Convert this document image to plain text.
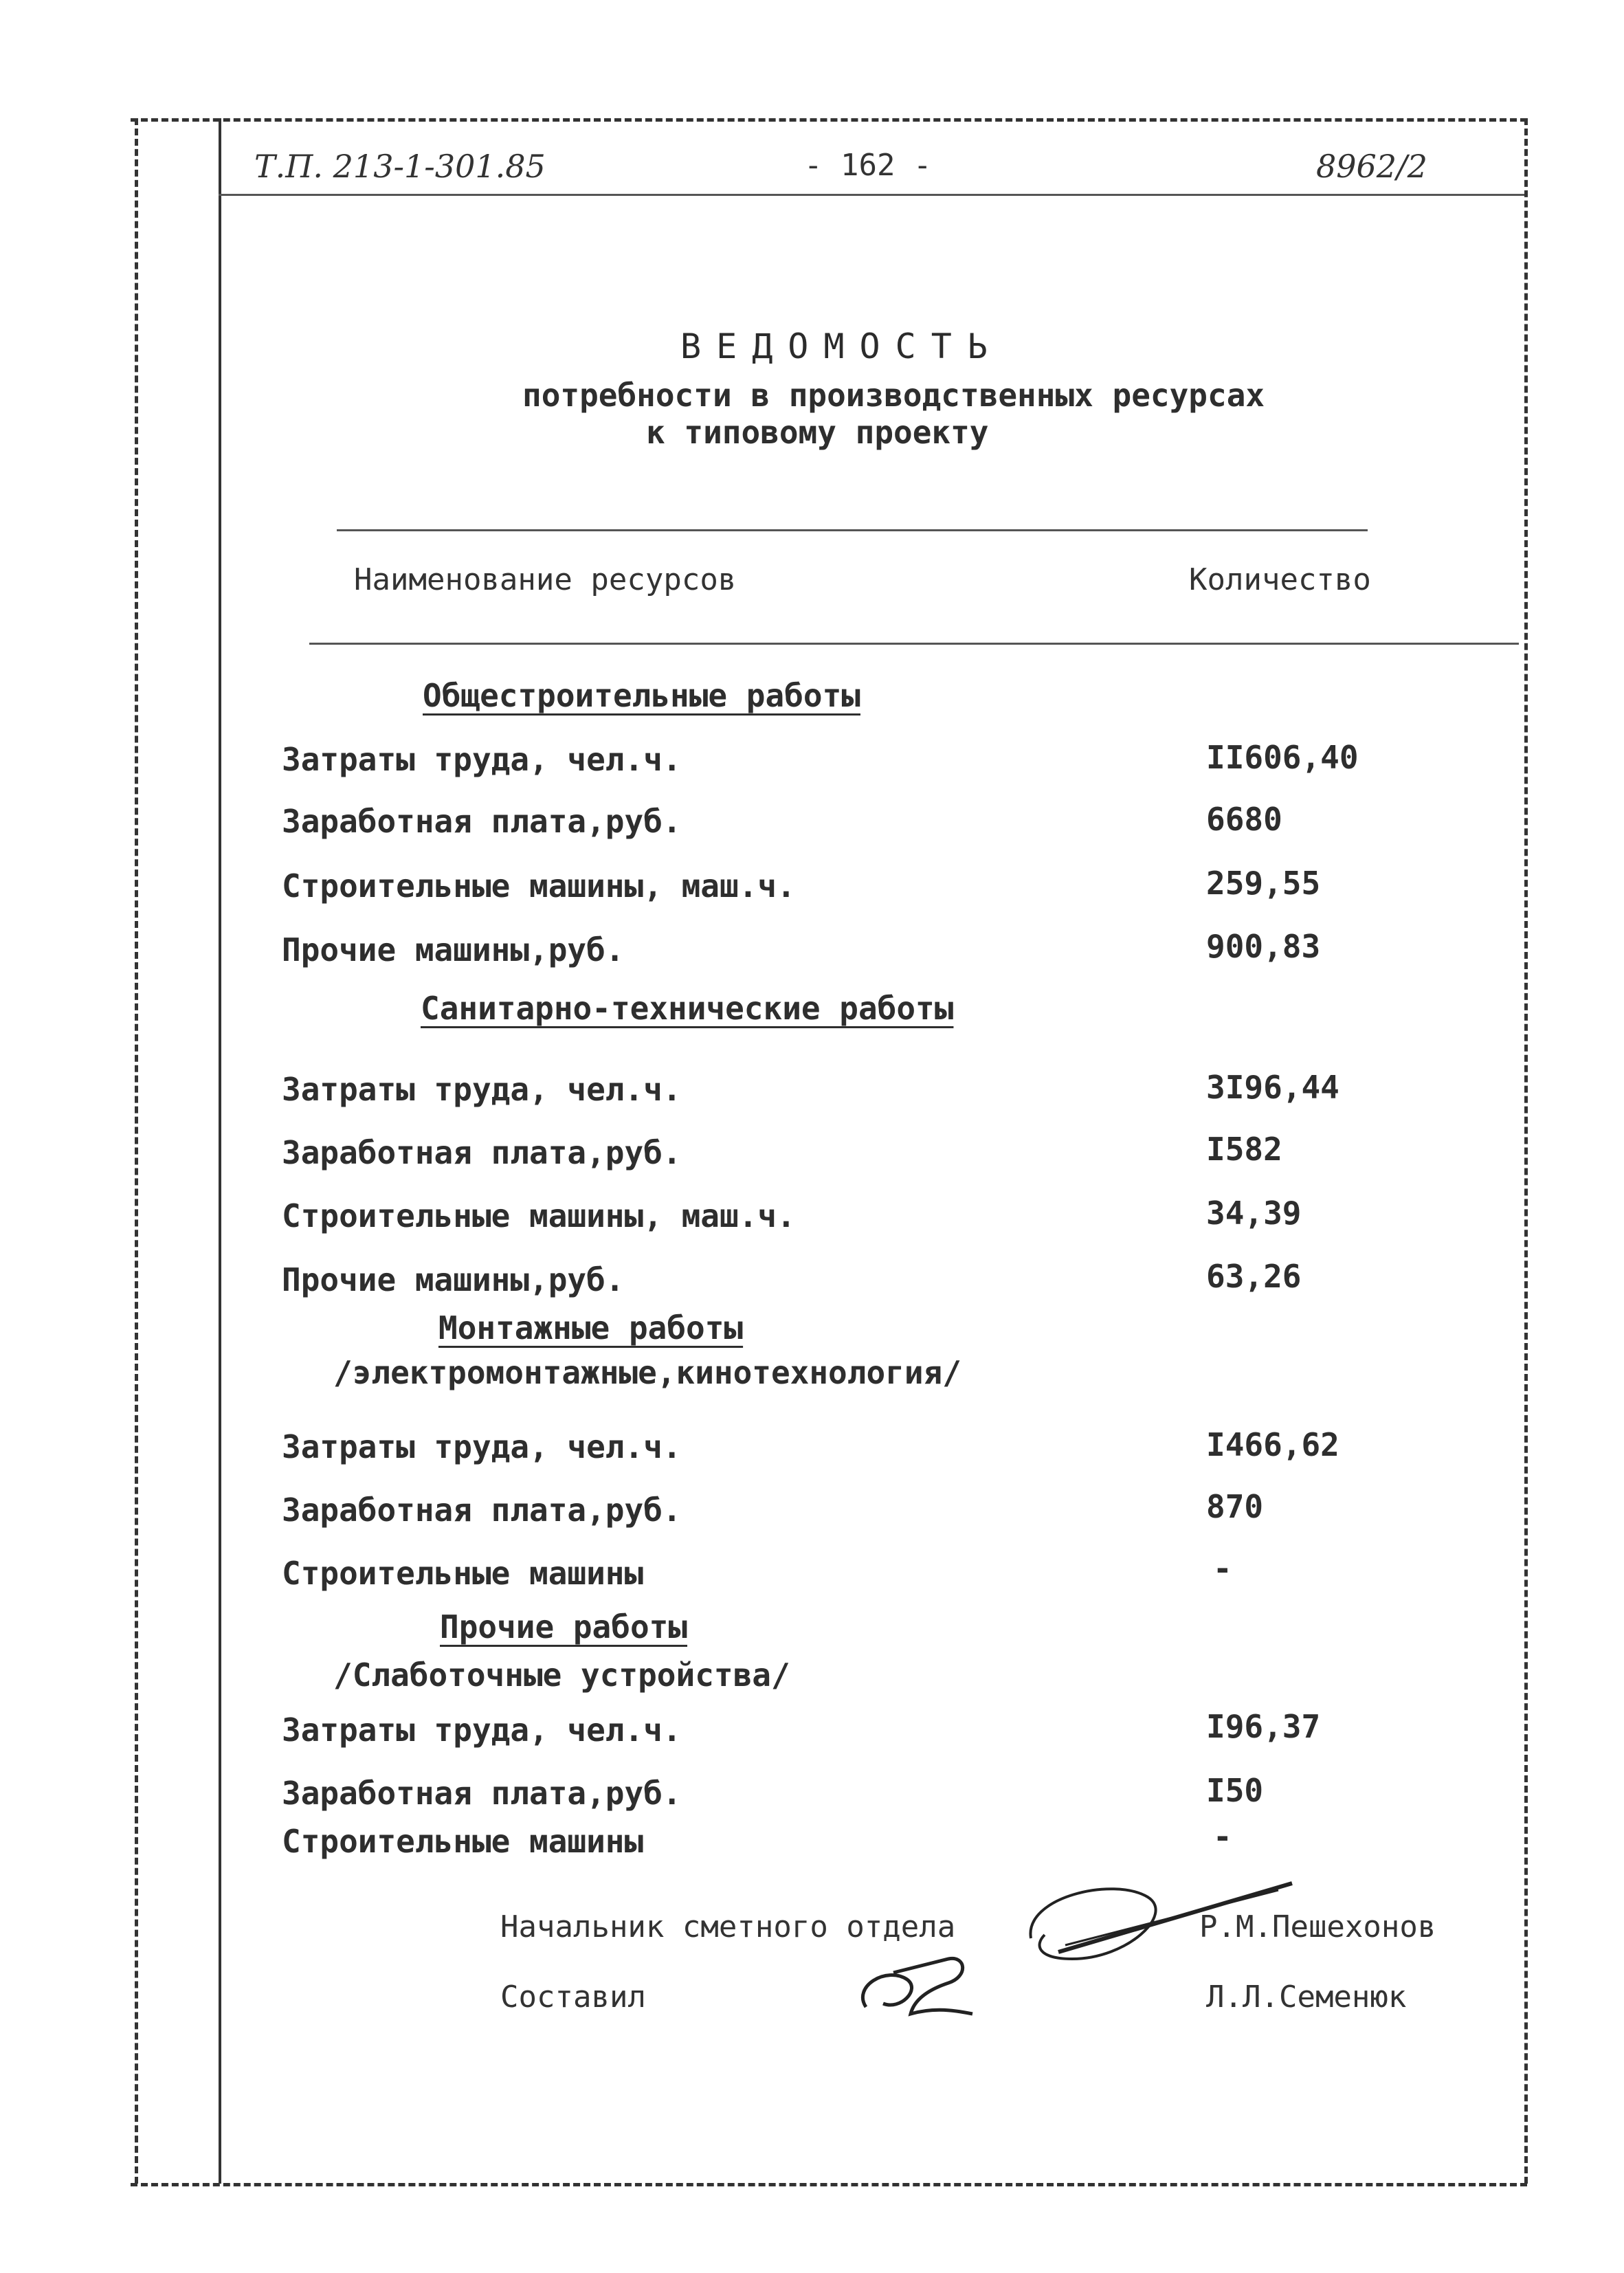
Т.П. 213-1-301.85	- 162 -	8962/2
ВЕДОМОСТЬ
потребности в производственных ресурсах
к типовому проекту
Наименование ресурсов	Количество
Общестроительные работы
Затраты труда, чел.ч.	II606,40
Заработная плата,руб.	6680
Строительные машины, маш.ч.	259,55
Прочие машины,руб.	900,83
Санитарно-технические работы
Затраты труда, чел.ч.	3I96,44
Заработная плата,руб.	I582
Строительные машины, маш.ч.	34,39
Прочие машины,руб.	63,26
Монтажные работы
/электромонтажные,кинотехнология/
Затраты труда, чел.ч.	I466,62
Заработная плата,руб.	870
Строительные машины	-
Прочие работы
/Слаботочные устройства/
Затраты труда, чел.ч.	I96,37
Заработная плата,руб.	I50
Строительные машины	-
Начальник сметного отдела	Р.М.Пешехонов
Составил	Л.Л.Семенюк
